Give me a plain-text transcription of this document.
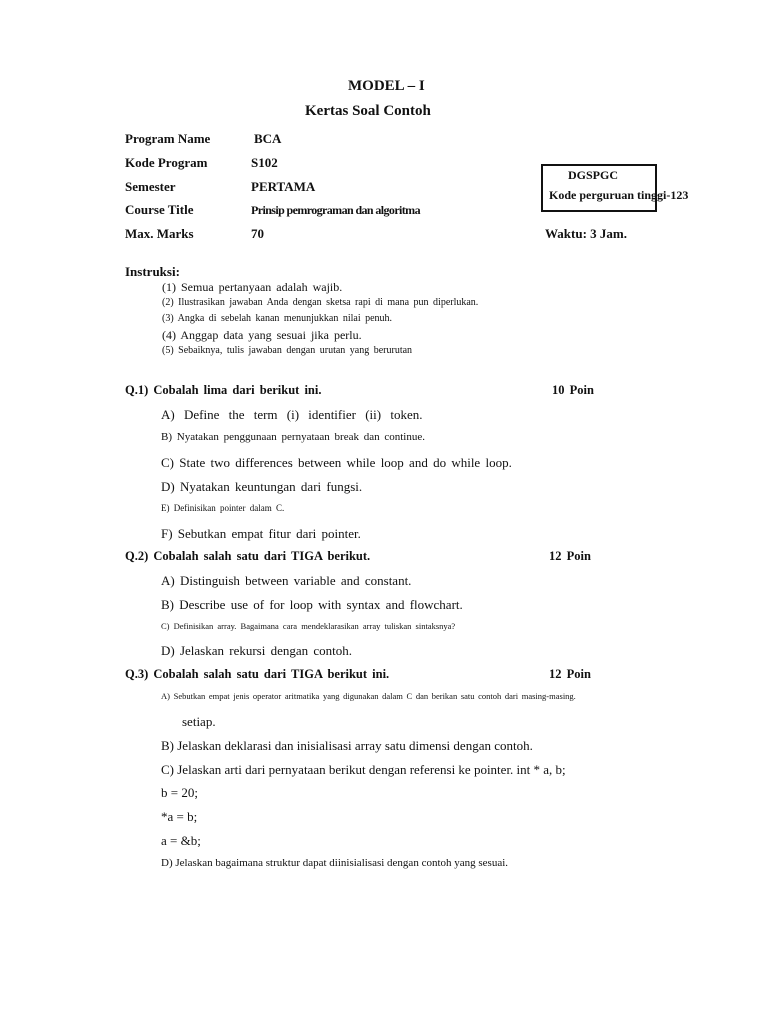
MODEL – I
Kertas Soal Contoh
Program Name	BCA
Kode Program	S102
Semester	PERTAMA
Course Title	Prinsip pemrograman dan algoritma
Max. Marks	70
DGSPGC
Kode perguruan tinggi-123
Waktu: 3 Jam.
Instruksi:
(1) Semua pertanyaan adalah wajib.
(2) Ilustrasikan jawaban Anda dengan sketsa rapi di mana pun diperlukan.
(3) Angka di sebelah kanan menunjukkan nilai penuh.
(4) Anggap data yang sesuai jika perlu.
(5) Sebaiknya, tulis jawaban dengan urutan yang berurutan
Q.1) Cobalah lima dari berikut ini.	10 Poin
A) Define the term (i) identifier (ii) token.
B) Nyatakan penggunaan pernyataan break dan continue.
C) State two differences between while loop and do while loop.
D) Nyatakan keuntungan dari fungsi.
E) Definisikan pointer dalam C.
F) Sebutkan empat fitur dari pointer.
Q.2) Cobalah salah satu dari TIGA berikut.	12 Poin
A) Distinguish between variable and constant.
B) Describe use of for loop with syntax and flowchart.
C) Definisikan array. Bagaimana cara mendeklarasikan array tuliskan sintaksnya?
D) Jelaskan rekursi dengan contoh.
Q.3) Cobalah salah satu dari TIGA berikut ini.	12 Poin
A) Sebutkan empat jenis operator aritmatika yang digunakan dalam C dan berikan satu contoh dari masing-masing.
setiap.
B) Jelaskan deklarasi dan inisialisasi array satu dimensi dengan contoh.
C) Jelaskan arti dari pernyataan berikut dengan referensi ke pointer. int * a, b;
b = 20;
*a = b;
a = &b;
D) Jelaskan bagaimana struktur dapat diinisialisasi dengan contoh yang sesuai.
